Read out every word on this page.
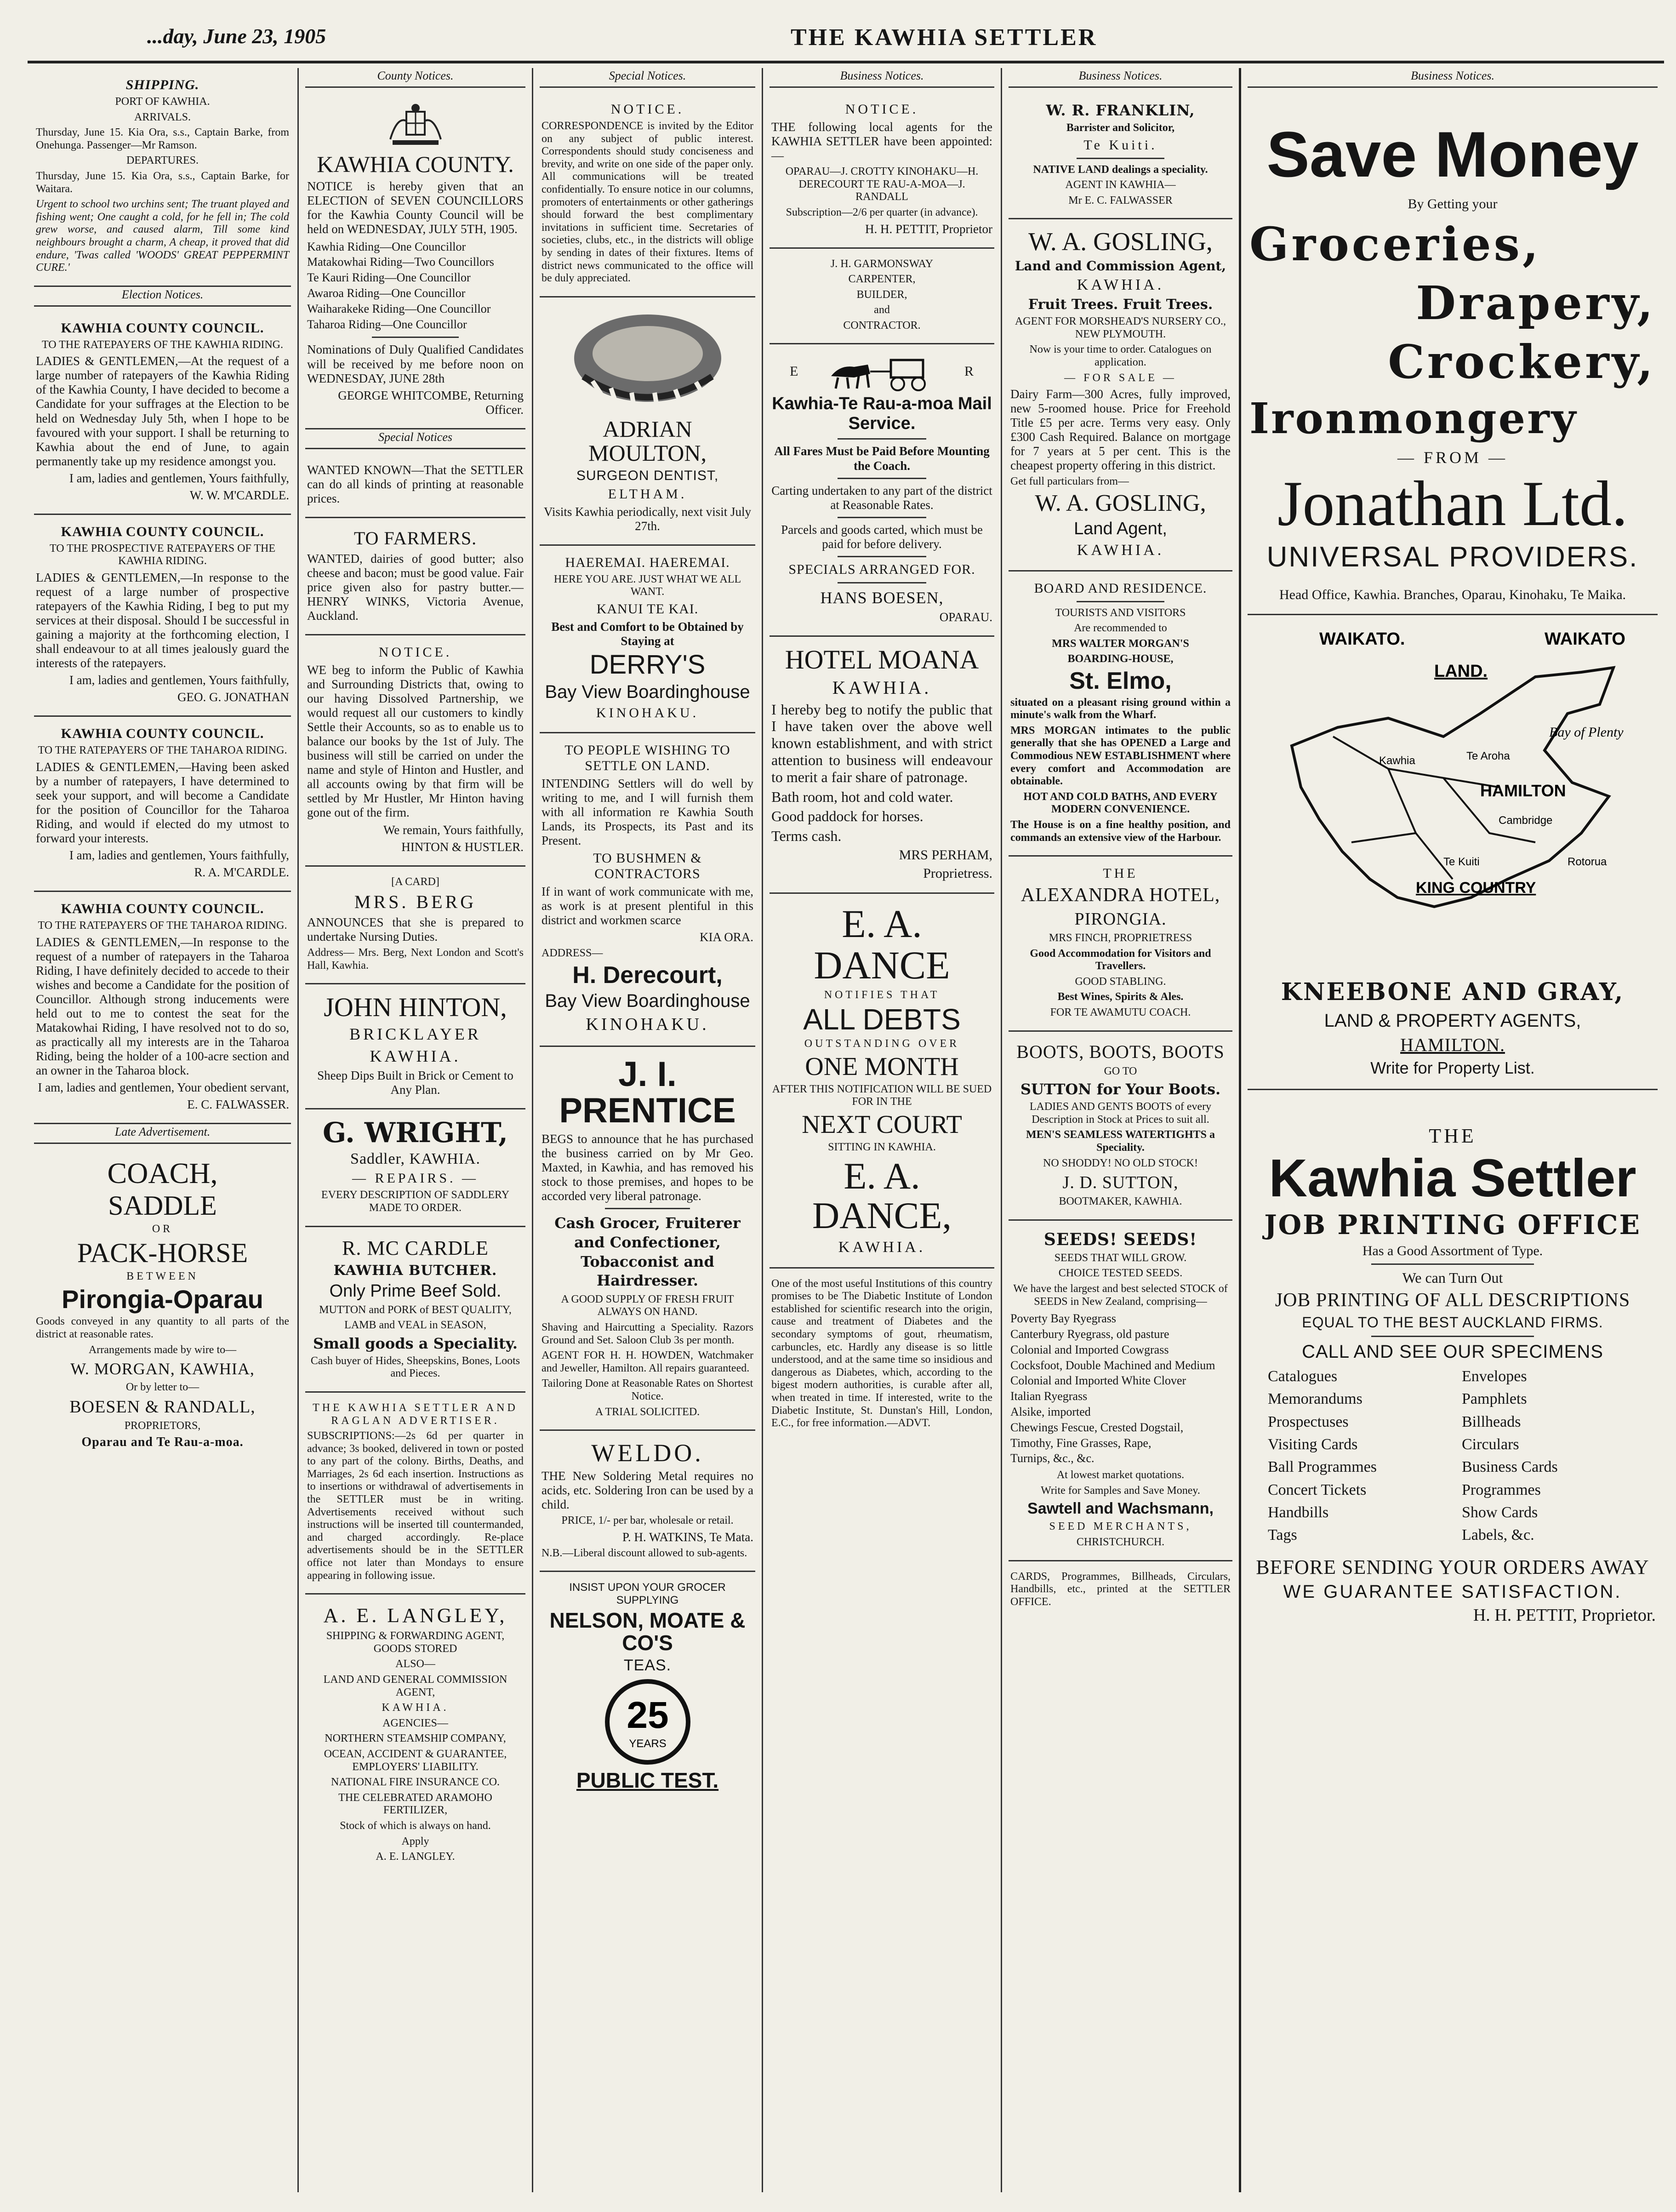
...day, June 23, 1905	THE KAWHIA SETTLER

SHIPPING.

PORT OF KAWHIA.

ARRIVALS.

Thursday, June 15. Kia Ora, s.s., Captain Barke, from Onehunga. Passenger—Mr Ramson.

DEPARTURES.

Thursday, June 15. Kia Ora, s.s., Captain Barke, for Waitara.

Urgent to school two urchins sent; The truant played and fishing went; One caught a cold, for he fell in; The cold grew worse, and caused alarm, Till some kind neighbours brought a charm, A cheap, it proved that did endure, 'Twas called 'WOODS' GREAT PEPPERMINT CURE.'

Election Notices.

KAWHIA COUNTY COUNCIL.

TO THE RATEPAYERS OF THE KAWHIA RIDING.

LADIES & GENTLEMEN,—At the request of a large number of ratepayers of the Kawhia Riding of the Kawhia County, I have decided to become a Candidate for your suffrages at the Election to be held on Wednesday July 5th, when I hope to be favoured with your support. I shall be returning to Kawhia about the end of June, to again permanently take up my residence amongst you.

I am, ladies and gentlemen, Yours faithfully,

W. W. M'CARDLE.

KAWHIA COUNTY COUNCIL.

TO THE PROSPECTIVE RATEPAYERS OF THE KAWHIA RIDING.

LADIES & GENTLEMEN,—In response to the request of a large number of prospective ratepayers of the Kawhia Riding, I beg to put my services at their disposal. Should I be successful in gaining a majority at the forthcoming election, I shall endeavour to at all times jealously guard the interests of the ratepayers.

I am, ladies and gentlemen, Yours faithfully,

GEO. G. JONATHAN

KAWHIA COUNTY COUNCIL.

TO THE RATEPAYERS OF THE TAHAROA RIDING.

LADIES & GENTLEMEN,—Having been asked by a number of ratepayers, I have determined to seek your support, and will become a Candidate for the position of Councillor for the Taharoa Riding, and would if elected do my utmost to forward your interests.

I am, ladies and gentlemen, Yours faithfully,

R. A. M'CARDLE.

KAWHIA COUNTY COUNCIL.

TO THE RATEPAYERS OF THE TAHAROA RIDING.

LADIES & GENTLEMEN,—In response to the request of a number of ratepayers in the Taharoa Riding, I have definitely decided to accede to their wishes and become a Candidate for the position of Councillor. Although strong inducements were held out to me to contest the seat for the Matakowhai Riding, I have resolved not to do so, as practically all my interests are in the Taharoa Riding, being the holder of a 100-acre section and an owner in the Taharoa block.

I am, ladies and gentlemen, Your obedient servant,

E. C. FALWASSER.

Late Advertisement.

COACH,

SADDLE

OR

PACK-HORSE

BETWEEN

Pirongia-Oparau

Goods conveyed in any quantity to all parts of the district at reasonable rates.

Arrangements made by wire to—

W. MORGAN, KAWHIA,

Or by letter to—

BOESEN & RANDALL,

PROPRIETORS,

Oparau and Te Rau-a-moa.

County Notices.

KAWHIA COUNTY.

NOTICE is hereby given that an ELECTION of SEVEN COUNCILLORS for the Kawhia County Council will be held on WEDNESDAY, JULY 5TH, 1905.

Kawhia Riding—One Councillor
Matakowhai Riding—Two Councillors
Te Kauri Riding—One Councillor
Awaroa Riding—One Councillor
Waiharakeke Riding—One Councillor
Taharoa Riding—One Councillor

Nominations of Duly Qualified Candidates will be received by me before noon on WEDNESDAY, JUNE 28th

GEORGE WHITCOMBE, Returning Officer.

Special Notices

WANTED KNOWN—That the SETTLER can do all kinds of printing at reasonable prices.

TO FARMERS.

WANTED, dairies of good butter; also cheese and bacon; must be good value. Fair price given also for pastry butter.—HENRY WINKS, Victoria Avenue, Auckland.

NOTICE.

WE beg to inform the Public of Kawhia and Surrounding Districts that, owing to our having Dissolved Partnership, we would request all our customers to kindly Settle their Accounts, so as to enable us to balance our books by the 1st of July. The business will still be carried on under the name and style of Hinton and Hustler, and all accounts owing by that firm will be settled by Mr Hustler, Mr Hinton having gone out of the firm.

We remain, Yours faithfully,

HINTON & HUSTLER.

[A CARD]

MRS. BERG

ANNOUNCES that she is prepared to undertake Nursing Duties.

Address— Mrs. Berg, Next London and Scott's Hall, Kawhia.

JOHN HINTON,

BRICKLAYER

KAWHIA.

Sheep Dips Built in Brick or Cement to Any Plan.

G. WRIGHT,

Saddler, KAWHIA.

— REPAIRS. —

EVERY DESCRIPTION OF SADDLERY MADE TO ORDER.

R. MC CARDLE

KAWHIA BUTCHER.

Only Prime Beef Sold.

MUTTON and PORK of BEST QUALITY,

LAMB and VEAL in SEASON,

Small goods a Speciality.

Cash buyer of Hides, Sheepskins, Bones, Loots and Pieces.

THE KAWHIA SETTLER AND RAGLAN ADVERTISER.

SUBSCRIPTIONS:—2s 6d per quarter in advance; 3s booked, delivered in town or posted to any part of the colony. Births, Deaths, and Marriages, 2s 6d each insertion. Instructions as to insertions or withdrawal of advertisements in the SETTLER must be in writing. Advertisements received without such instructions will be inserted till countermanded, and charged accordingly. Re-place advertisements should be in the SETTLER office not later than Mondays to ensure appearing in following issue.

A. E. LANGLEY,

SHIPPING & FORWARDING AGENT, GOODS STORED

ALSO—

LAND AND GENERAL COMMISSION AGENT,

KAWHIA.

AGENCIES—

NORTHERN STEAMSHIP COMPANY,

OCEAN, ACCIDENT & GUARANTEE, EMPLOYERS' LIABILITY.

NATIONAL FIRE INSURANCE CO.

THE CELEBRATED ARAMOHO FERTILIZER,

Stock of which is always on hand.

Apply

A. E. LANGLEY.

Special Notices.

NOTICE.

CORRESPONDENCE is invited by the Editor on any subject of public interest. Correspondents should study conciseness and brevity, and write on one side of the paper only. All communications will be treated confidentially. To ensure notice in our columns, promoters of entertainments or other gatherings should forward the best complimentary invitations in sufficient time. Secretaries of societies, clubs, etc., in the districts will oblige by sending in dates of their fixtures. Items of district news communicated to the office will be duly appreciated.

ADRIAN MOULTON,

SURGEON DENTIST,

ELTHAM.

Visits Kawhia periodically, next visit July 27th.

HAEREMAI. HAEREMAI.

HERE YOU ARE. JUST WHAT WE ALL WANT.

KANUI TE KAI.

Best and Comfort to be Obtained by Staying at

DERRY'S

Bay View Boardinghouse

KINOHAKU.

TO PEOPLE WISHING TO SETTLE ON LAND.

INTENDING Settlers will do well by writing to me, and I will furnish them with all information re Kawhia South Lands, its Prospects, its Past and its Present.

TO BUSHMEN & CONTRACTORS

If in want of work communicate with me, as work is at present plentiful in this district and workmen scarce

KIA ORA.

ADDRESS—

H. Derecourt,

Bay View Boardinghouse

KINOHAKU.

J. I. PRENTICE

BEGS to announce that he has purchased the business carried on by Mr Geo. Maxted, in Kawhia, and has removed his stock to those premises, and hopes to be accorded very liberal patronage.

Cash Grocer, Fruiterer and Confectioner, Tobacconist and Hairdresser.

A GOOD SUPPLY OF FRESH FRUIT ALWAYS ON HAND.

Shaving and Haircutting a Speciality. Razors Ground and Set. Saloon Club 3s per month.

AGENT FOR H. H. HOWDEN, Watchmaker and Jeweller, Hamilton. All repairs guaranteed.

Tailoring Done at Reasonable Rates on Shortest Notice.

A TRIAL SOLICITED.

WELDO.

THE New Soldering Metal requires no acids, etc. Soldering Iron can be used by a child.

PRICE, 1/- per bar, wholesale or retail.

P. H. WATKINS, Te Mata.

N.B.—Liberal discount allowed to sub-agents.

INSIST UPON YOUR GROCER SUPPLYING

NELSON, MOATE & CO'S

TEAS.

25
YEARS

PUBLIC TEST.

Business Notices.

NOTICE.

THE following local agents for the KAWHIA SETTLER have been appointed:—

OPARAU—J. CROTTY KINOHAKU—H. DERECOURT TE RAU-A-MOA—J. RANDALL

Subscription—2/6 per quarter (in advance).

H. H. PETTIT, Proprietor

J. H. GARMONSWAY

CARPENTER,

BUILDER,

and

CONTRACTOR.

E	R

Kawhia-Te Rau-a-moa Mail Service.

All Fares Must be Paid Before Mounting the Coach.

Carting undertaken to any part of the district at Reasonable Rates.

Parcels and goods carted, which must be paid for before delivery.

SPECIALS ARRANGED FOR.

HANS BOESEN,

OPARAU.

HOTEL MOANA

KAWHIA.

I hereby beg to notify the public that I have taken over the above well known establishment, and with strict attention to business will endeavour to merit a fair share of patronage.

Bath room, hot and cold water.

Good paddock for horses.

Terms cash.

MRS PERHAM,

Proprietress.

E. A. DANCE

NOTIFIES THAT

ALL DEBTS

OUTSTANDING OVER

ONE MONTH

AFTER THIS NOTIFICATION WILL BE SUED FOR IN THE

NEXT COURT

SITTING IN KAWHIA.

E. A. DANCE,

KAWHIA.

One of the most useful Institutions of this country promises to be The Diabetic Institute of London established for scientific research into the origin, cause and treatment of Diabetes and the secondary symptoms of gout, rheumatism, carbuncles, etc. Hardly any disease is so little understood, and at the same time so insidious and dangerous as Diabetes, which, according to the bigest modern authorities, is curable after all, when treated in time. If interested, write to the Diabetic Institute, St. Dunstan's Hill, London, E.C., for free information.—ADVT.

Business Notices.

W. R. FRANKLIN,

Barrister and Solicitor,

Te Kuiti.

NATIVE LAND dealings a speciality.

AGENT IN KAWHIA—

Mr E. C. FALWASSER

W. A. GOSLING,

Land and Commission Agent,

KAWHIA.

Fruit Trees. Fruit Trees.

AGENT FOR MORSHEAD'S NURSERY CO., NEW PLYMOUTH.

Now is your time to order. Catalogues on application.

— FOR SALE —

Dairy Farm—300 Acres, fully improved, new 5-roomed house. Price for Freehold Title £5 per acre. Terms very easy. Only £300 Cash Required. Balance on mortgage for 7 years at 5 per cent. This is the cheapest property offering in this district.

Get full particulars from—

W. A. GOSLING,

Land Agent,

KAWHIA.

BOARD AND RESIDENCE.

TOURISTS AND VISITORS

Are recommended to

MRS WALTER MORGAN'S

BOARDING-HOUSE,

St. Elmo,

situated on a pleasant rising ground within a minute's walk from the Wharf.

MRS MORGAN intimates to the public generally that she has OPENED a Large and Commodious NEW ESTABLISHMENT where every comfort and Accommodation are obtainable.

HOT AND COLD BATHS, AND EVERY MODERN CONVENIENCE.

The House is on a fine healthy position, and commands an extensive view of the Harbour.

THE

ALEXANDRA HOTEL,

PIRONGIA.

MRS FINCH, PROPRIETRESS

Good Accommodation for Visitors and Travellers.

GOOD STABLING.

Best Wines, Spirits & Ales.

FOR TE AWAMUTU COACH.

BOOTS, BOOTS, BOOTS

GO TO

SUTTON for Your Boots.

LADIES AND GENTS BOOTS of every Description in Stock at Prices to suit all.

MEN'S SEAMLESS WATERTIGHTS a Speciality.

NO SHODDY! NO OLD STOCK!

J. D. SUTTON,

BOOTMAKER, KAWHIA.

SEEDS! SEEDS!

SEEDS THAT WILL GROW.

CHOICE TESTED SEEDS.

We have the largest and best selected STOCK of SEEDS in New Zealand, comprising—

Poverty Bay Ryegrass
Canterbury Ryegrass, old pasture
Colonial and Imported Cowgrass
Cocksfoot, Double Machined and Medium
Colonial and Imported White Clover
Italian Ryegrass
Alsike, imported
Chewings Fescue, Crested Dogstail,
Timothy, Fine Grasses, Rape,
Turnips, &c., &c.

At lowest market quotations.

Write for Samples and Save Money.

Sawtell and Wachsmann,

SEED MERCHANTS,

CHRISTCHURCH.

CARDS, Programmes, Billheads, Circulars, Handbills, etc., printed at the SETTLER OFFICE.

Business Notices.

Save Money

By Getting your

Groceries,

Drapery,

Crockery,

Ironmongery

— FROM —

Jonathan Ltd.

UNIVERSAL PROVIDERS.

Head Office, Kawhia. Branches, Oparau, Kinohaku, Te Maika.

WAIKATO.	WAIKATO
LAND.
Kawhia
Bay of Plenty
Te Aroha
HAMILTON
Cambridge
Te Kuiti	Rotorua
KING COUNTRY

KNEEBONE AND GRAY,

LAND & PROPERTY AGENTS,

HAMILTON.

Write for Property List.

THE

Kawhia Settler

JOB PRINTING OFFICE

Has a Good Assortment of Type.

We can Turn Out

JOB PRINTING OF ALL DESCRIPTIONS

EQUAL TO THE BEST AUCKLAND FIRMS.

CALL AND SEE OUR SPECIMENS

Catalogues	Envelopes
Memorandums	Pamphlets
Prospectuses	Billheads
Visiting Cards	Circulars
Ball Programmes	Business Cards
Concert Tickets	Programmes
Handbills	Show Cards
Tags	Labels, &c.

BEFORE SENDING YOUR ORDERS AWAY

WE GUARANTEE SATISFACTION.

H. H. PETTIT, Proprietor.
